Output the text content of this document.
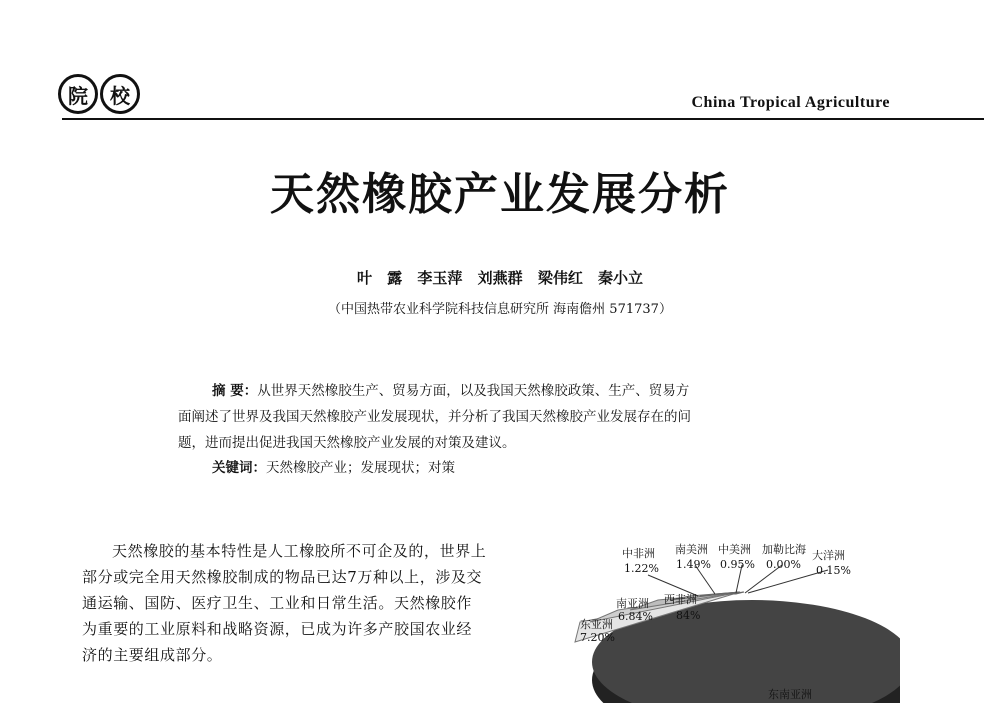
院	校	China Tropical Agriculture
天然橡胶产业发展分析
叶 露 李玉萍 刘燕群 梁伟红 秦小立
（中国热带农业科学院科技信息研究所 海南儋州 571737）
摘 要：从世界天然橡胶生产、贸易方面，以及我国天然橡胶政策、生产、贸易方
面阐述了世界及我国天然橡胶产业发展现状，并分析了我国天然橡胶产业发展存在的问
题，进而提出促进我国天然橡胶产业发展的对策及建议。
关键词：天然橡胶产业；发展现状；对策
天然橡胶的基本特性是人工橡胶所不可企及的，世界上部分或完全用天然橡胶制成的物品已达7万种以上，涉及交通运输、国防、医疗卫生、工业和日常生活。天然橡胶作为重要的工业原料和战略资源，已成为许多产胶国农业经济的主要组成部分。
中非洲
1.22%
南美洲
1.49%
中美洲
0.95%
加勒比海
0.00%
大洋洲
0.15%
南亚洲
6.84%
西非洲
84%
东亚洲
7.20%
东南亚洲
